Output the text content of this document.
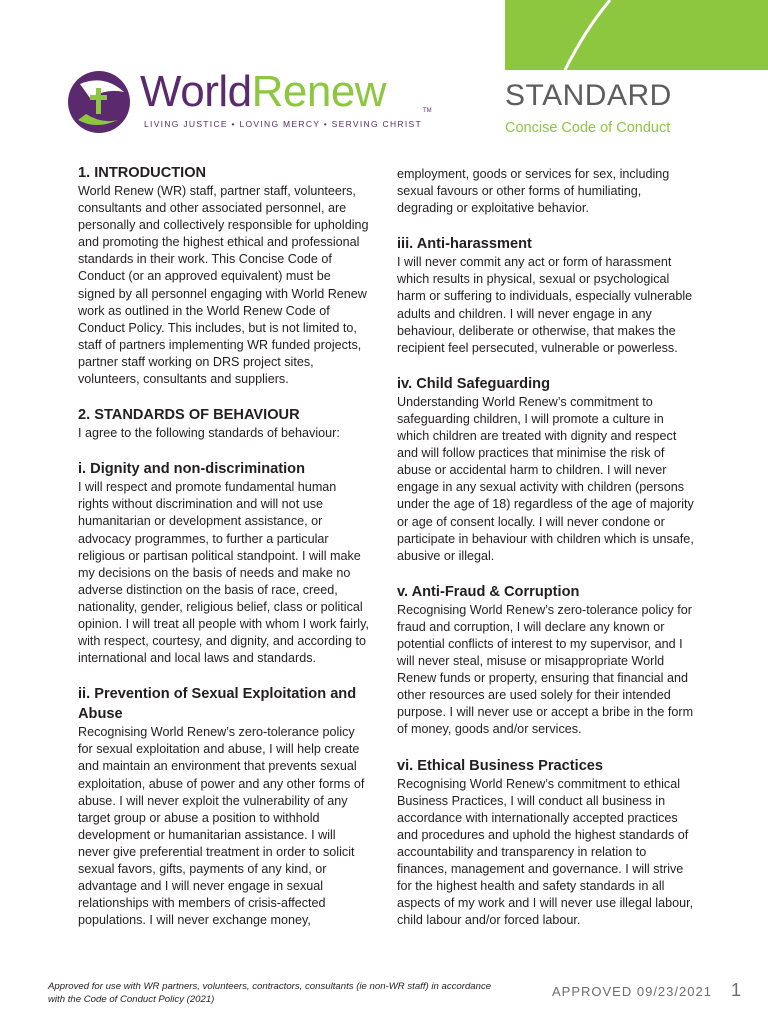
WorldRenew	TM
LIVING JUSTICE • LOVING MERCY • SERVING CHRIST
STANDARD
Concise Code of Conduct
1. INTRODUCTION

World Renew (WR) staff, partner staff, volunteers, consultants and other associated personnel, are personally and collectively responsible for upholding and promoting the highest ethical and professional standards in their work. This Concise Code of Conduct (or an approved equivalent) must be signed by all personnel engaging with World Renew work as outlined in the World Renew Code of Conduct Policy. This includes, but is not limited to, staff of partners implementing WR funded projects, partner staff working on DRS project sites, volunteers, consultants and suppliers.

2. STANDARDS OF BEHAVIOUR

I agree to the following standards of behaviour:

i. Dignity and non-discrimination

I will respect and promote fundamental human rights without discrimination and will not use humanitarian or development assistance, or advocacy programmes, to further a particular religious or partisan political standpoint. I will make my decisions on the basis of needs and make no adverse distinction on the basis of race, creed, nationality, gender, religious belief, class or political opinion. I will treat all people with whom I work fairly, with respect, courtesy, and dignity, and according to international and local laws and standards.

ii. Prevention of Sexual Exploitation and Abuse

Recognising World Renew’s zero-tolerance policy for sexual exploitation and abuse, I will help create and maintain an environment that prevents sexual exploitation, abuse of power and any other forms of abuse. I will never exploit the vulnerability of any target group or abuse a position to withhold development or humanitarian assistance. I will never give preferential treatment in order to solicit sexual favors, gifts, payments of any kind, or advantage and I will never engage in sexual relationships with members of crisis-affected populations. I will never exchange money,

employment, goods or services for sex, including sexual favours or other forms of humiliating, degrading or exploitative behavior.

iii. Anti-harassment

I will never commit any act or form of harassment which results in physical, sexual or psychological harm or suffering to individuals, especially vulnerable adults and children. I will never engage in any behaviour, deliberate or otherwise, that makes the recipient feel persecuted, vulnerable or powerless.

iv. Child Safeguarding

Understanding World Renew’s commitment to safeguarding children, I will promote a culture in which children are treated with dignity and respect and will follow practices that minimise the risk of abuse or accidental harm to children. I will never engage in any sexual activity with children (persons under the age of 18) regardless of the age of majority or age of consent locally. I will never condone or participate in behaviour with children which is unsafe, abusive or illegal.

v. Anti-Fraud & Corruption

Recognising World Renew’s zero-tolerance policy for fraud and corruption, I will declare any known or potential conflicts of interest to my supervisor, and I will never steal, misuse or misappropriate World Renew funds or property, ensuring that financial and other resources are used solely for their intended purpose. I will never use or accept a bribe in the form of money, goods and/or services.

vi. Ethical Business Practices

Recognising World Renew’s commitment to ethical Business Practices, I will conduct all business in accordance with internationally accepted practices and procedures and uphold the highest standards of accountability and transparency in relation to finances, management and governance. I will strive for the highest health and safety standards in all aspects of my work and I will never use illegal labour, child labour and/or forced labour.

Approved for use with WR partners, volunteers, contractors, consultants (ie non-WR staff) in accordance with the Code of Conduct Policy (2021)	APPROVED 09/23/2021 1
